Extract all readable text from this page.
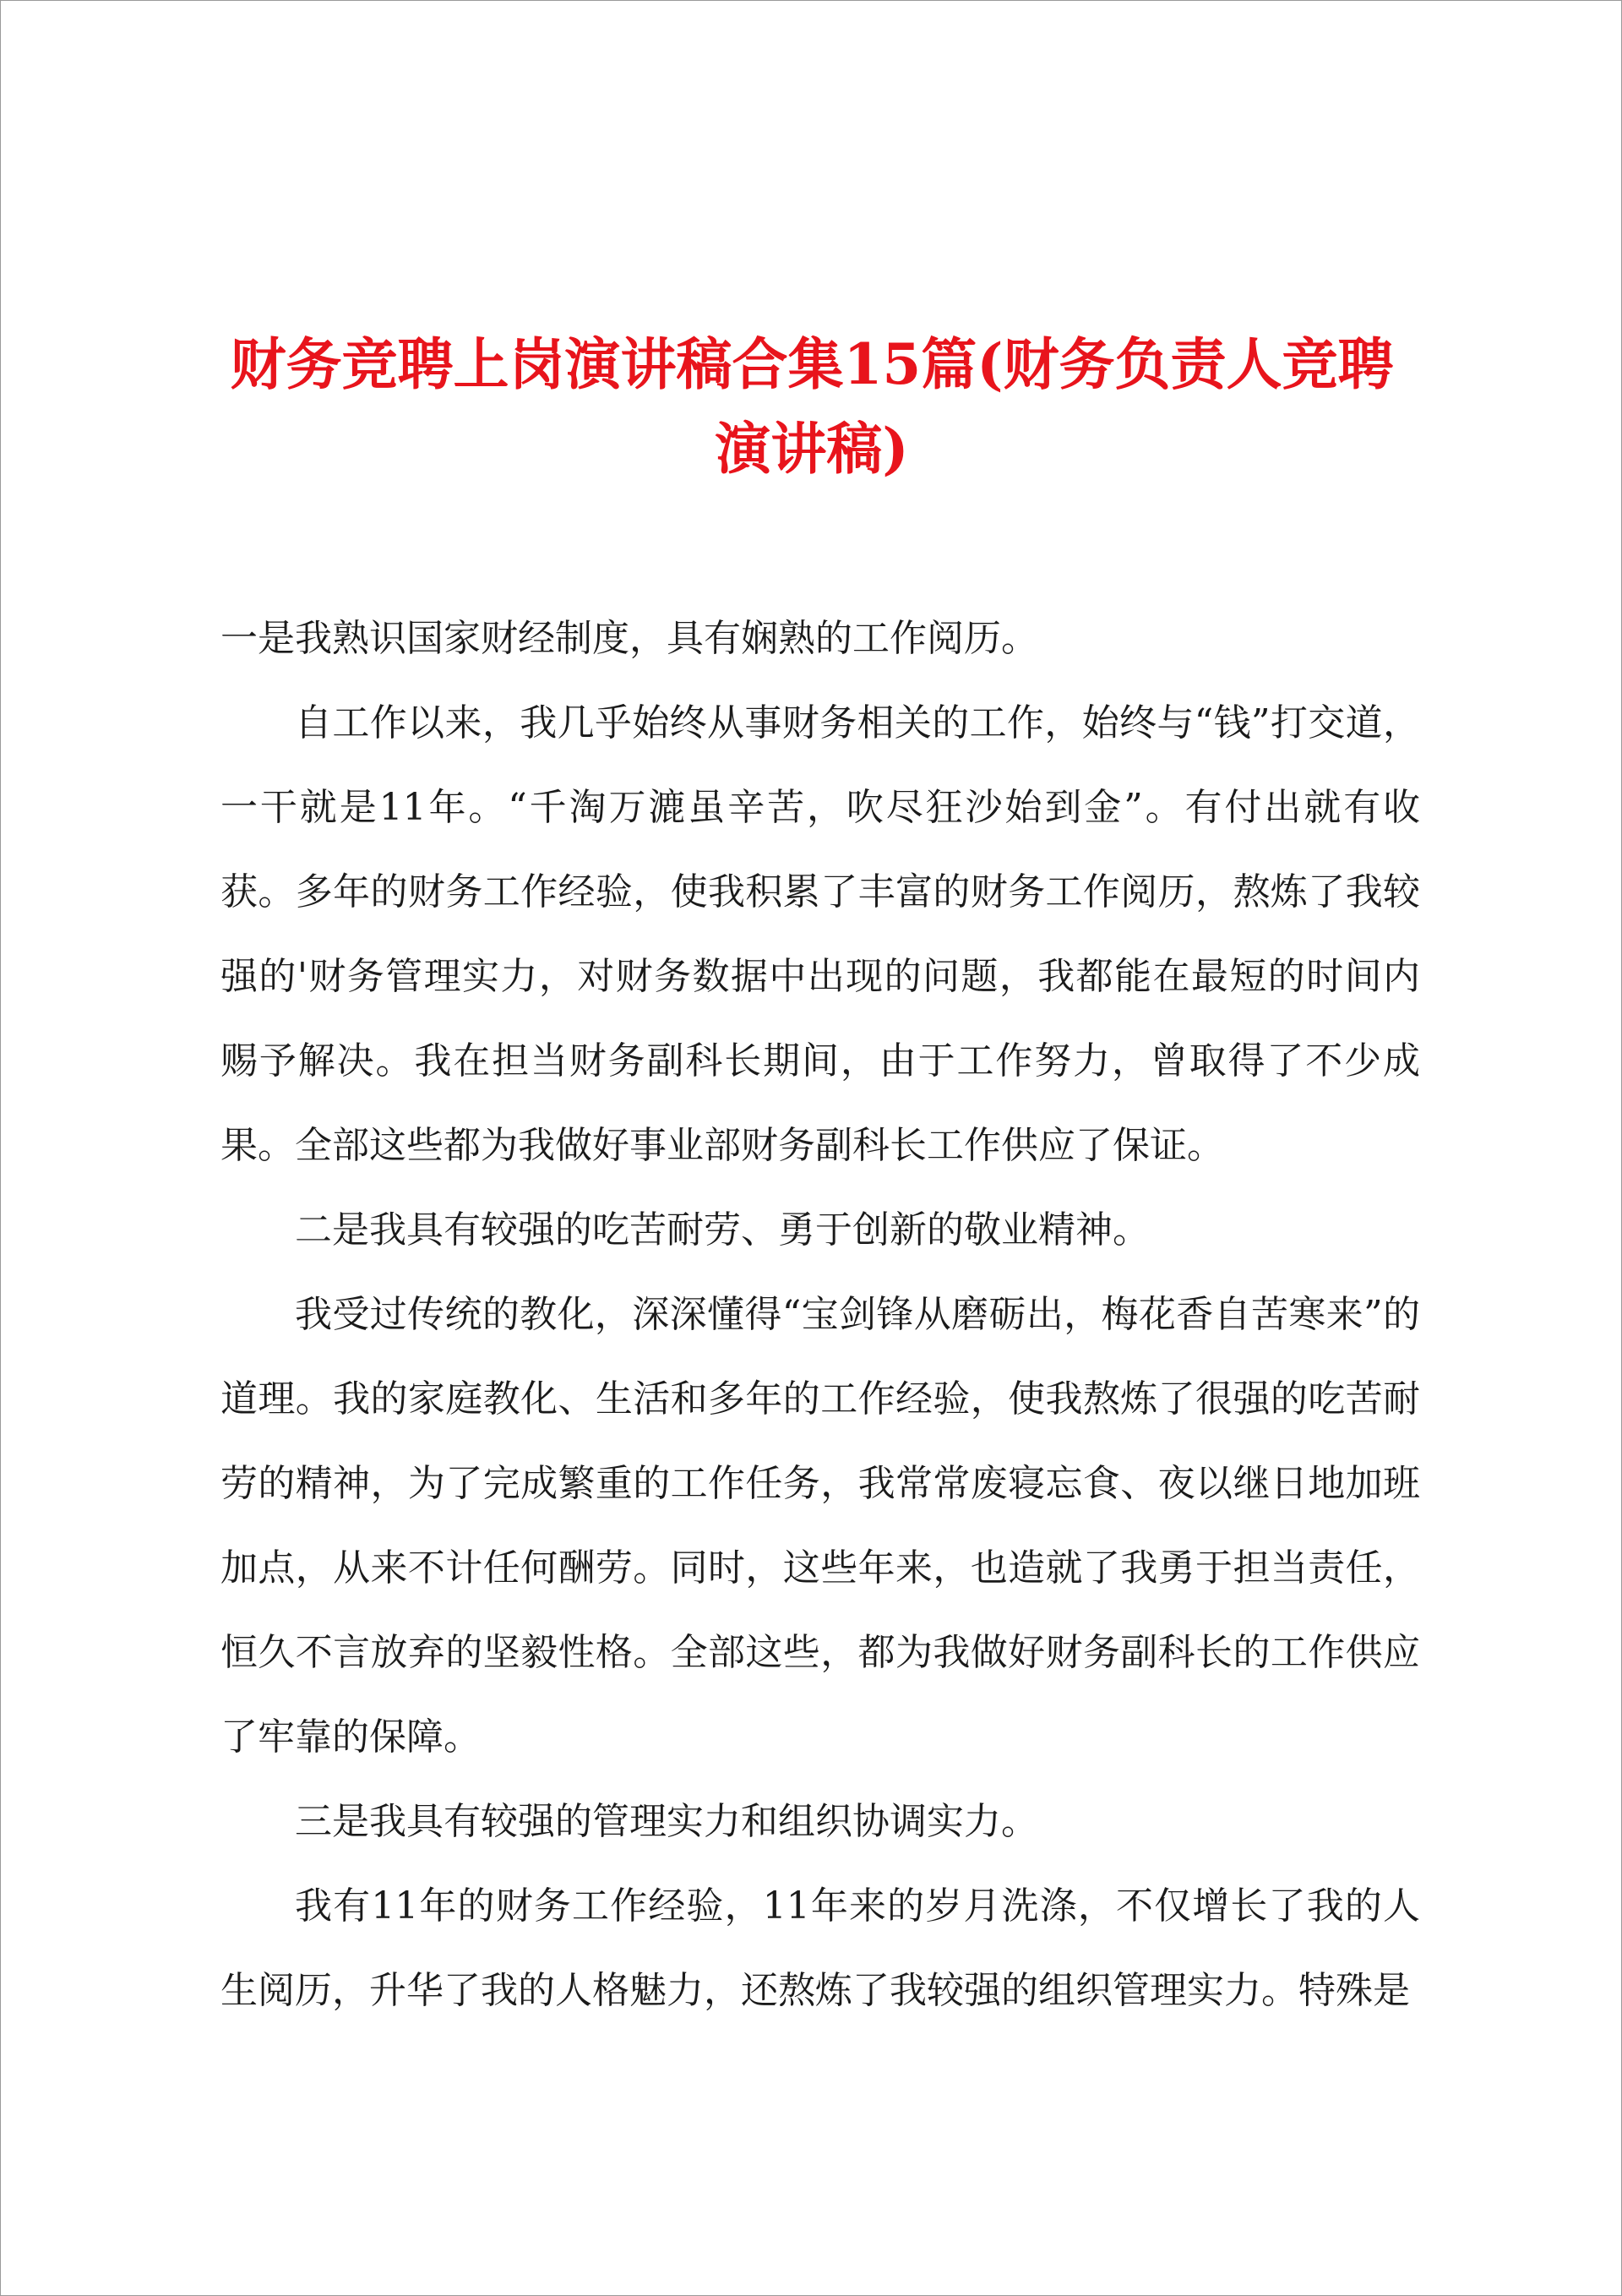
财务竞聘上岗演讲稿合集15篇(财务负责人竞聘演讲稿)

一是我熟识国家财经制度，具有娴熟的工作阅历。

自工作以来，我几乎始终从事财务相关的工作，始终与“钱”打交道，一干就是11年。“千淘万漉虽辛苦，吹尽狂沙始到金”。有付出就有收获。多年的财务工作经验，使我积累了丰富的财务工作阅历，熬炼了我较强的'财务管理实力，对财务数据中出现的问题，我都能在最短的时间内赐予解决。我在担当财务副科长期间，由于工作努力，曾取得了不少成果。全部这些都为我做好事业部财务副科长工作供应了保证。

二是我具有较强的吃苦耐劳、勇于创新的敬业精神。

我受过传统的教化，深深懂得“宝剑锋从磨砺出，梅花香自苦寒来”的道理。我的家庭教化、生活和多年的工作经验，使我熬炼了很强的吃苦耐劳的精神，为了完成繁重的工作任务，我常常废寝忘食、夜以继日地加班加点，从来不计任何酬劳。同时，这些年来，也造就了我勇于担当责任，恒久不言放弃的坚毅性格。全部这些，都为我做好财务副科长的工作供应了牢靠的保障。

三是我具有较强的管理实力和组织协调实力。

我有11年的财务工作经验，11年来的岁月洗涤，不仅增长了我的人生阅历，升华了我的人格魅力，还熬炼了我较强的组织管理实力。特殊是
